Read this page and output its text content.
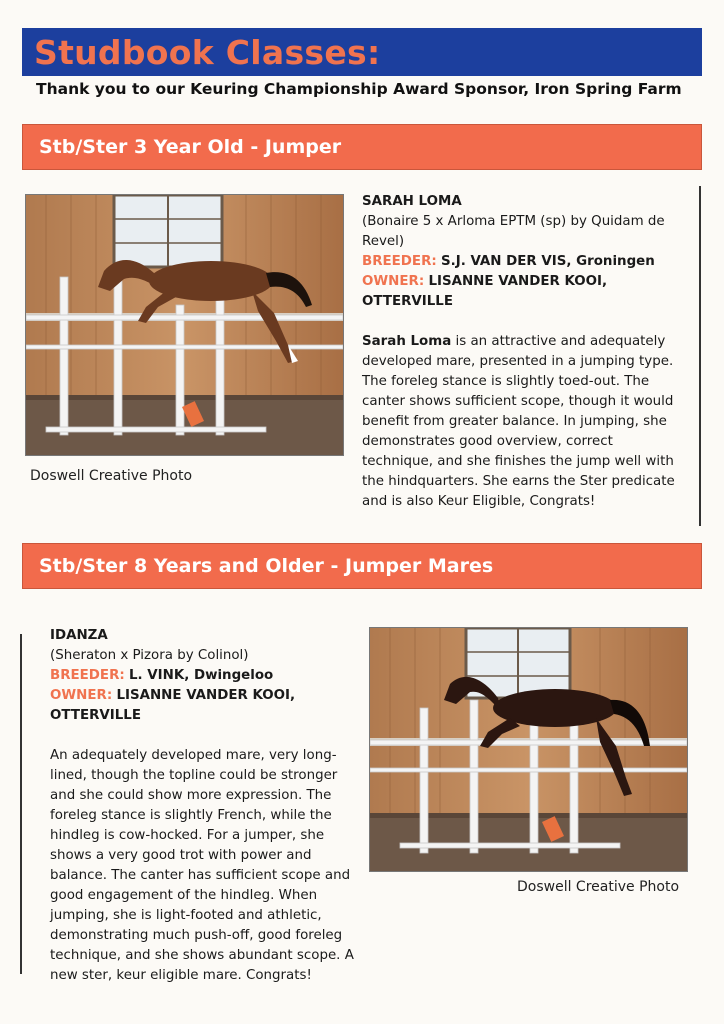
Studbook Classes:
Thank you to our Keuring Championship Award Sponsor, Iron Spring Farm
Stb/Ster 3 Year Old - Jumper
Doswell Creative Photo

SARAH LOMA

(Bonaire 5 x Arloma EPTM (sp) by Quidam de Revel)

BREEDER: S.J. VAN DER VIS, Groningen

OWNER: LISANNE VANDER KOOI, OTTERVILLE

Sarah Loma is an attractive and adequately developed mare, presented in a jumping type. The foreleg stance is slightly toed-out. The canter shows sufficient scope, though it would benefit from greater balance. In jumping, she demonstrates good overview, correct technique, and she finishes the jump well with the hindquarters. She earns the Ster predicate and is also Keur Eligible, Congrats!

Stb/Ster 8 Years and Older - Jumper Mares

IDANZA

(Sheraton x Pizora by Colinol)

BREEDER: L. VINK, Dwingeloo

OWNER: LISANNE VANDER KOOI, OTTERVILLE

An adequately developed mare, very long-lined, though the topline could be stronger and she could show more expression. The foreleg stance is slightly French, while the hindleg is cow-hocked. For a jumper, she shows a very good trot with power and balance. The canter has sufficient scope and good engagement of the hindleg. When jumping, she is light-footed and athletic, demonstrating much push-off, good foreleg technique, and she shows abundant scope. A new ster, keur eligible mare. Congrats!

Doswell Creative Photo
